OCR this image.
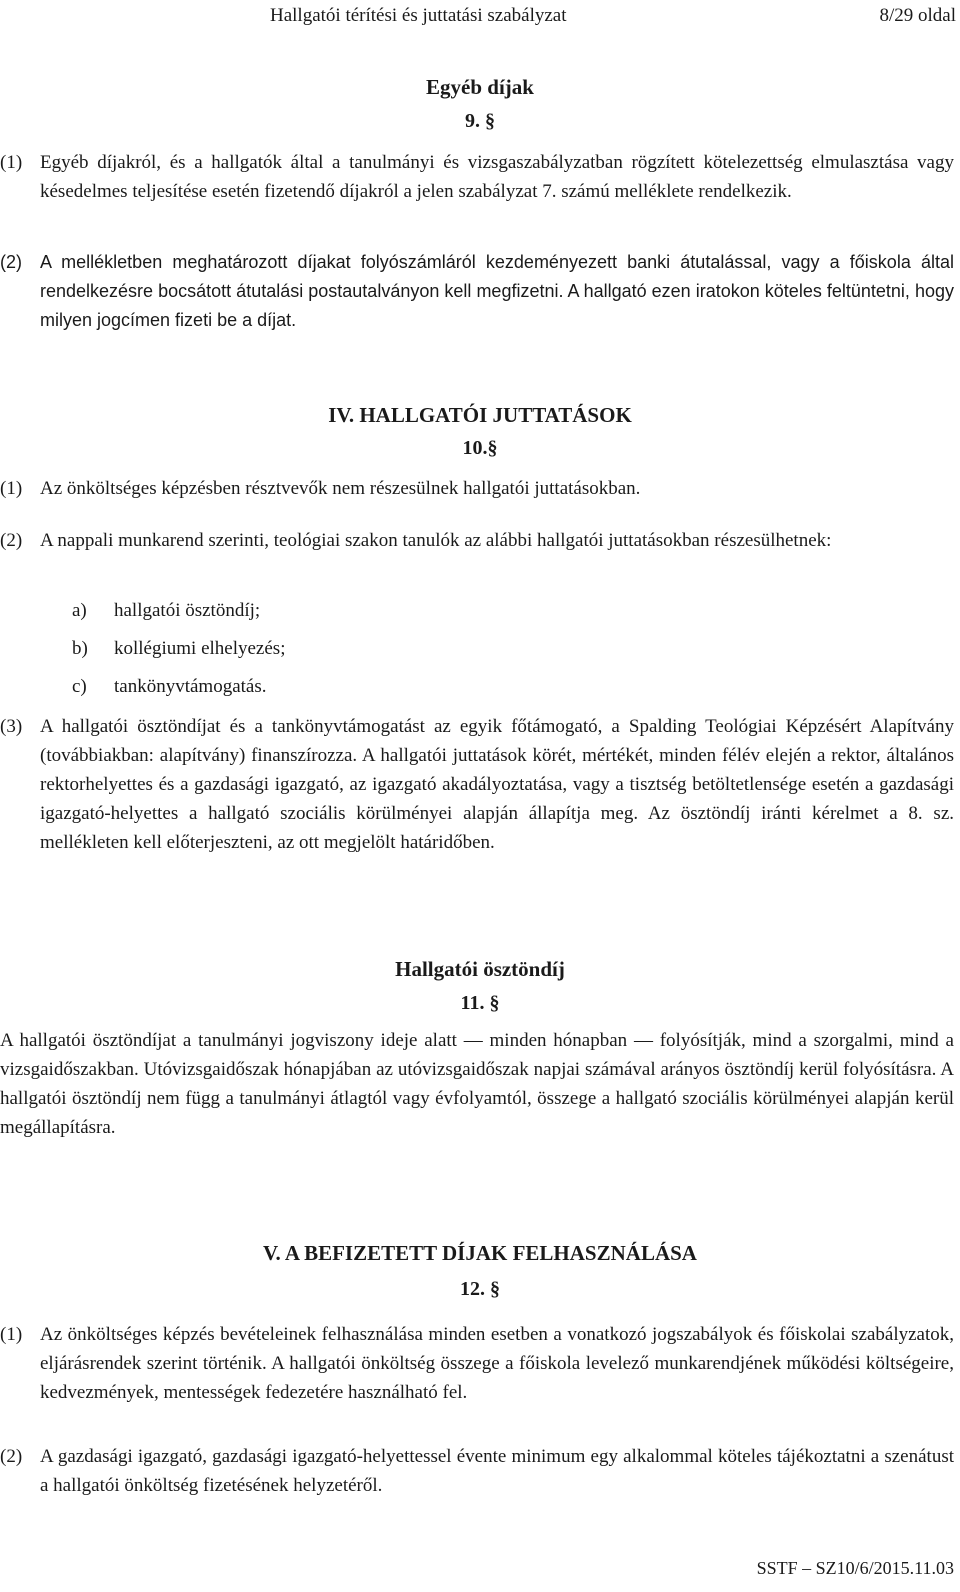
Hallgatói térítési és juttatási szabályzat	8/29 oldal
Egyéb díjak
9. §
(1) Egyéb díjakról, és a hallgatók által a tanulmányi és vizsgaszabályzatban rögzített kötelezettség elmulasztása vagy késedelmes teljesítése esetén fizetendő díjakról a jelen szabályzat 7. számú melléklete rendelkezik.
(2)	A mellékletben meghatározott díjakat folyószámláról kezdeményezett banki átutalással, vagy a főiskola által rendelkezésre bocsátott átutalási postautalványon kell megfizetni. A hallgató ezen iratokon köteles feltüntetni, hogy milyen jogcímen fizeti be a díjat.
IV. HALLGATÓI JUTTATÁSOK
10.§
(1) Az önköltséges képzésben résztvevők nem részesülnek hallgatói juttatásokban.
(2) A nappali munkarend szerinti, teológiai szakon tanulók az alábbi hallgatói juttatásokban részesülhetnek:
a)	hallgatói ösztöndíj;
b)	kollégiumi elhelyezés;
c)	tankönyvtámogatás.
(3) A hallgatói ösztöndíjat és a tankönyvtámogatást az egyik főtámogató, a Spalding Teológiai Képzésért Alapítvány (továbbiakban: alapítvány) finanszírozza. A hallgatói juttatások körét, mértékét, minden félév elején a rektor, általános rektorhelyettes és a gazdasági igazgató, az igazgató akadályoztatása, vagy a tisztség betöltetlensége esetén a gazdasági igazgató-helyettes a hallgató szociális körülményei alapján állapítja meg. Az ösztöndíj iránti kérelmet a 8. sz. mellékleten kell előterjeszteni, az ott megjelölt határidőben.
Hallgatói ösztöndíj
11. §
A hallgatói ösztöndíjat a tanulmányi jogviszony ideje alatt — minden hónapban — folyósítják, mind a szorgalmi, mind a vizsgaidőszakban. Utóvizsgaidőszak hónapjában az utóvizsgaidőszak napjai számával arányos ösztöndíj kerül folyósításra. A hallgatói ösztöndíj nem függ a tanulmányi átlagtól vagy évfolyamtól, összege a hallgató szociális körülményei alapján kerül megállapításra.
V. A BEFIZETETT DÍJAK FELHASZNÁLÁSA
12. §
(1) Az önköltséges képzés bevételeinek felhasználása minden esetben a vonatkozó jogszabályok és főiskolai szabályzatok, eljárásrendek szerint történik. A hallgatói önköltség összege a főiskola levelező munkarendjének működési költségeire, kedvezmények, mentességek fedezetére használható fel.
(2) A gazdasági igazgató, gazdasági igazgató-helyettessel évente minimum egy alkalommal köteles tájékoztatni a szenátust a hallgatói önköltség fizetésének helyzetéről.
SSTF – SZ10/6/2015.11.03
